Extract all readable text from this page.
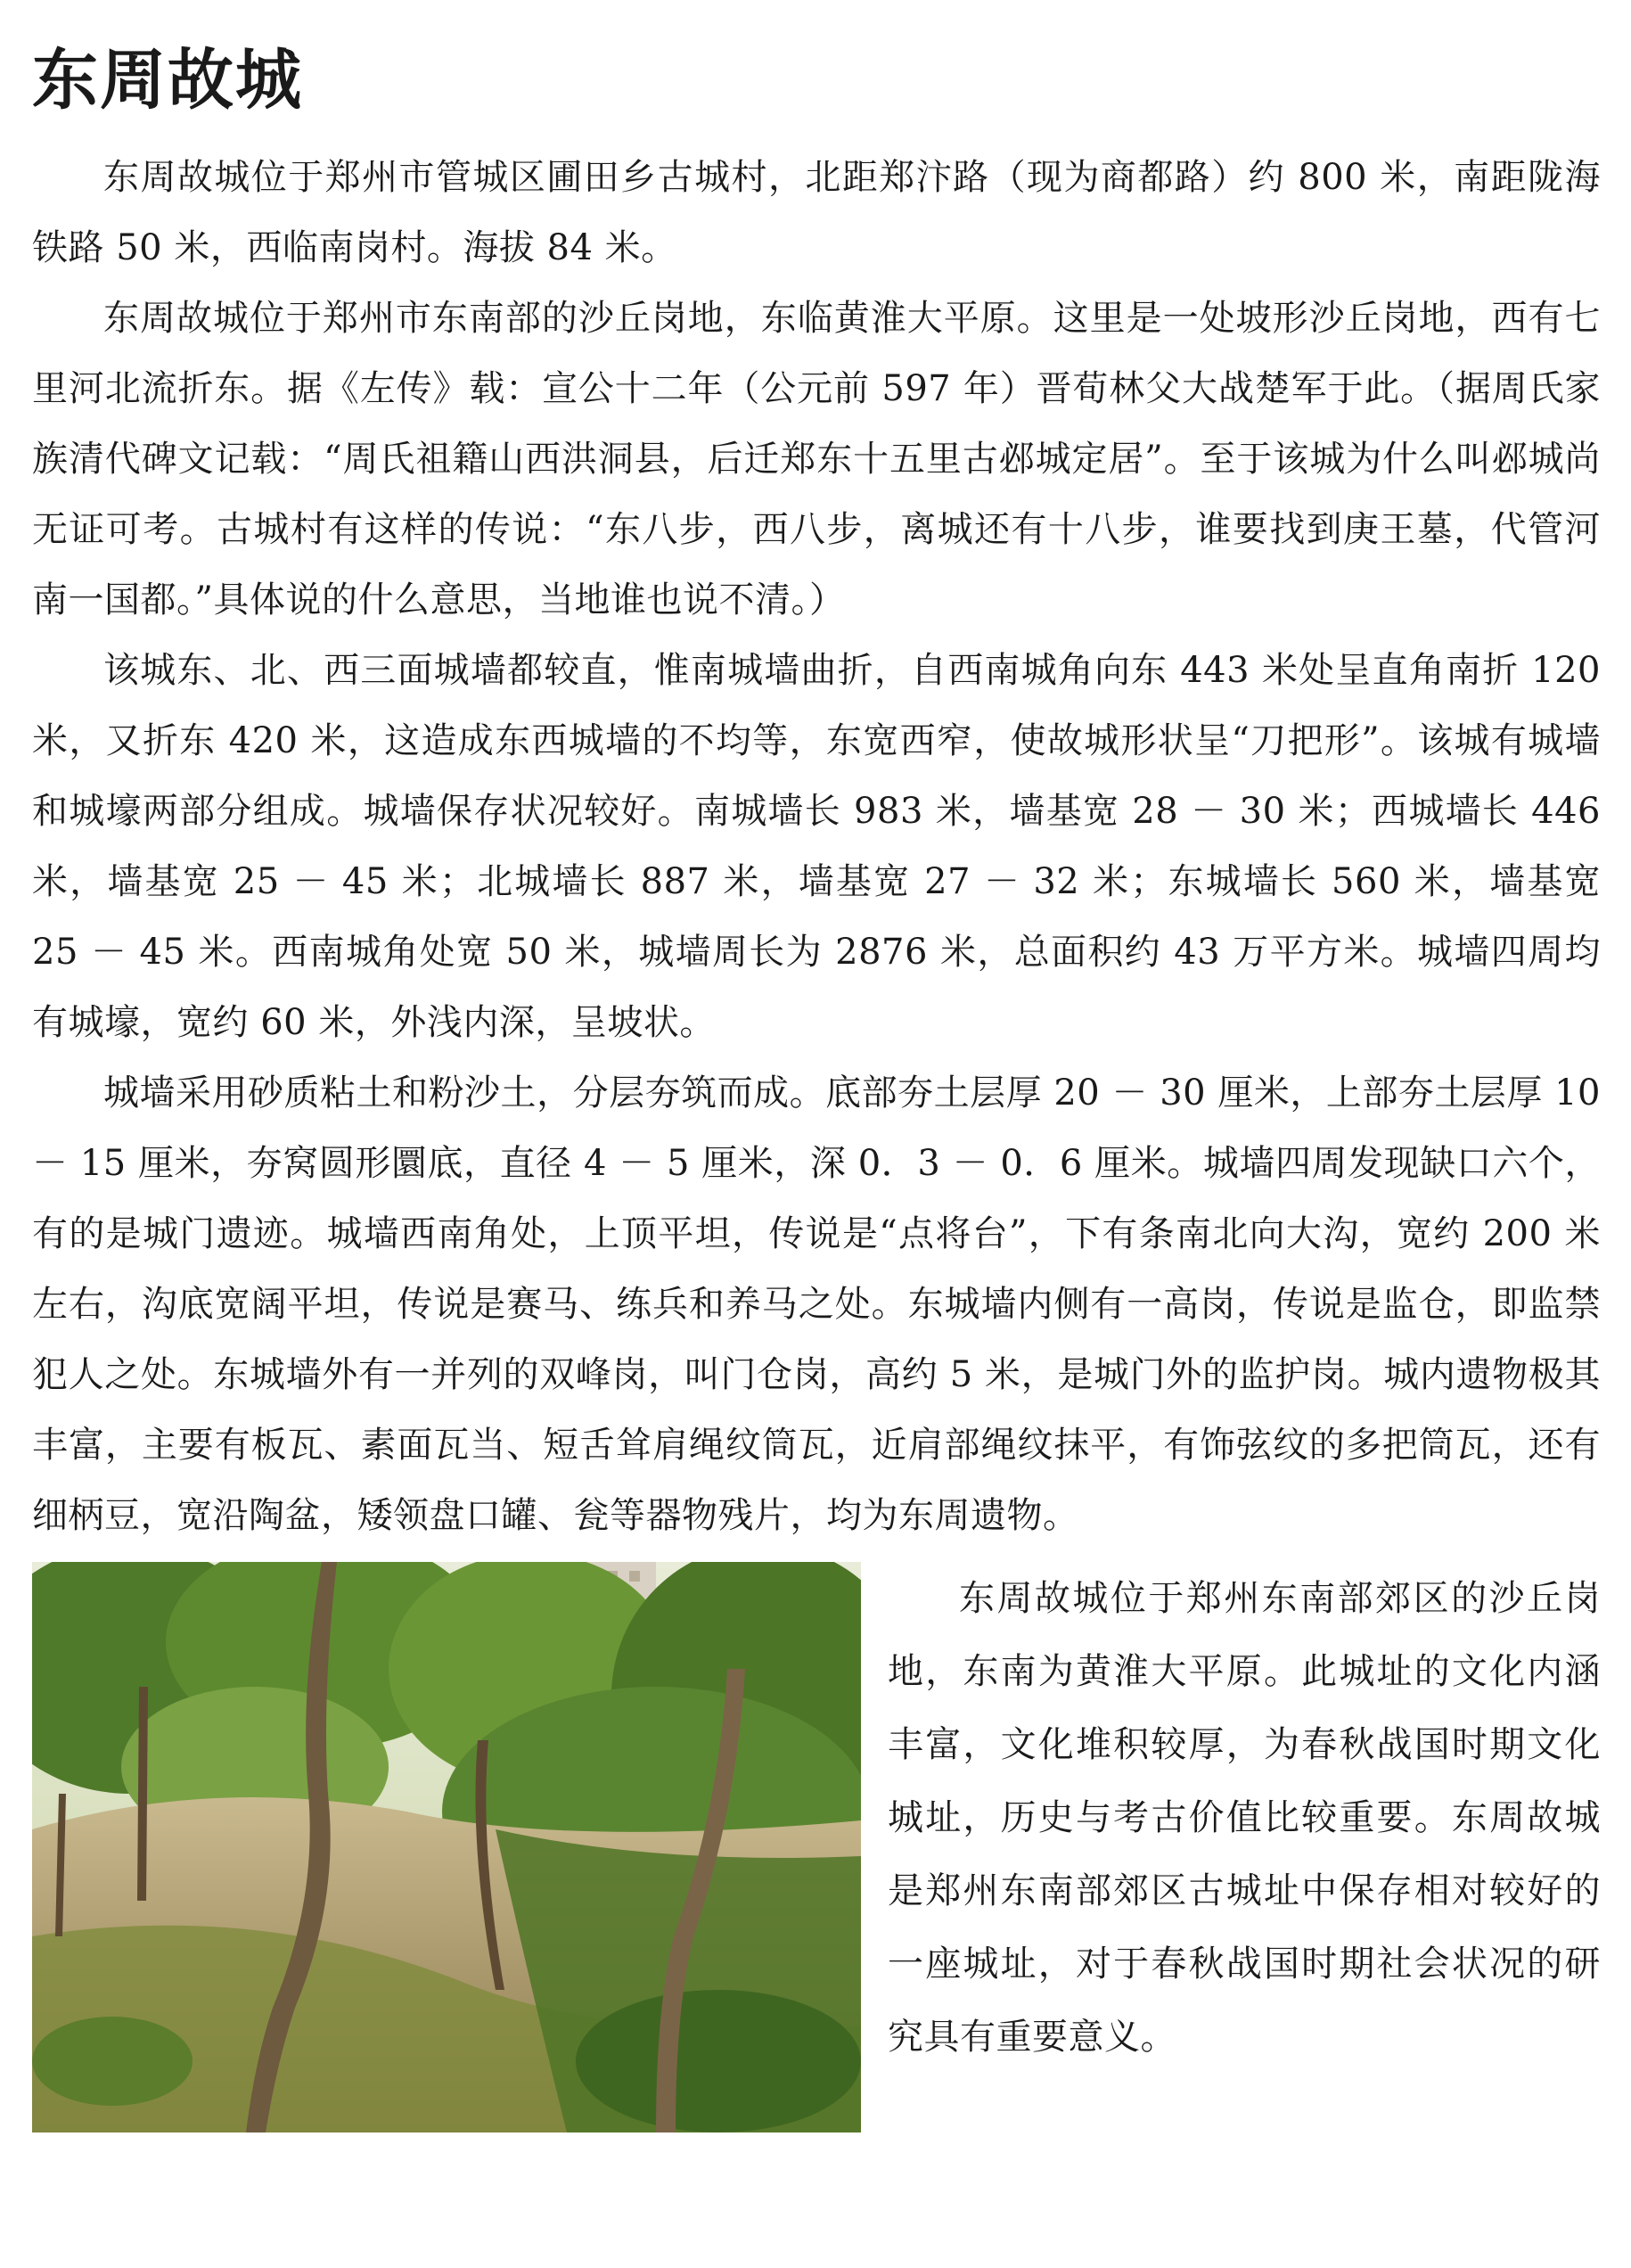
东周故城

东周故城位于郑州市管城区圃田乡古城村，北距郑汴路（现为商都路）约 800 米，南距陇海铁路 50 米，西临南岗村。海拔 84 米。

东周故城位于郑州市东南部的沙丘岗地，东临黄淮大平原。这里是一处坡形沙丘岗地，西有七里河北流折东。据《左传》载：宣公十二年（公元前 597 年）晋荀林父大战楚军于此。（据周氏家族清代碑文记载：“周氏祖籍山西洪洞县，后迁郑东十五里古邲城定居”。至于该城为什么叫邲城尚无证可考。古城村有这样的传说：“东八步，西八步，离城还有十八步，谁要找到庚王墓，代管河南一国都。”具体说的什么意思，当地谁也说不清。）

该城东、北、西三面城墙都较直，惟南城墙曲折，自西南城角向东 443 米处呈直角南折 120 米，又折东 420 米，这造成东西城墙的不均等，东宽西窄，使故城形状呈“刀把形”。该城有城墙和城壕两部分组成。城墙保存状况较好。南城墙长 983 米，墙基宽 28 － 30 米；西城墙长 446 米，墙基宽 25 － 45 米；北城墙长 887 米，墙基宽 27 － 32 米；东城墙长 560 米，墙基宽 25 － 45 米。西南城角处宽 50 米，城墙周长为 2876 米，总面积约 43 万平方米。城墙四周均有城壕，宽约 60 米，外浅内深，呈坡状。

城墙采用砂质粘土和粉沙土，分层夯筑而成。底部夯土层厚 20 － 30 厘米，上部夯土层厚 10 － 15 厘米，夯窝圆形圜底，直径 4 － 5 厘米，深 0．3 － 0．6 厘米。城墙四周发现缺口六个，有的是城门遗迹。城墙西南角处，上顶平坦，传说是“点将台”，下有条南北向大沟，宽约 200 米左右，沟底宽阔平坦，传说是赛马、练兵和养马之处。东城墙内侧有一高岗，传说是监仓，即监禁犯人之处。东城墙外有一并列的双峰岗，叫门仓岗，高约 5 米，是城门外的监护岗。城内遗物极其丰富，主要有板瓦、素面瓦当、短舌耸肩绳纹筒瓦，近肩部绳纹抹平，有饰弦纹的多把筒瓦，还有细柄豆，宽沿陶盆，矮领盘口罐、瓮等器物残片，均为东周遗物。

东周故城位于郑州东南部郊区的沙丘岗地，东南为黄淮大平原。此城址的文化内涵丰富，文化堆积较厚，为春秋战国时期文化城址，历史与考古价值比较重要。东周故城是郑州东南部郊区古城址中保存相对较好的一座城址，对于春秋战国时期社会状况的研究具有重要意义。
